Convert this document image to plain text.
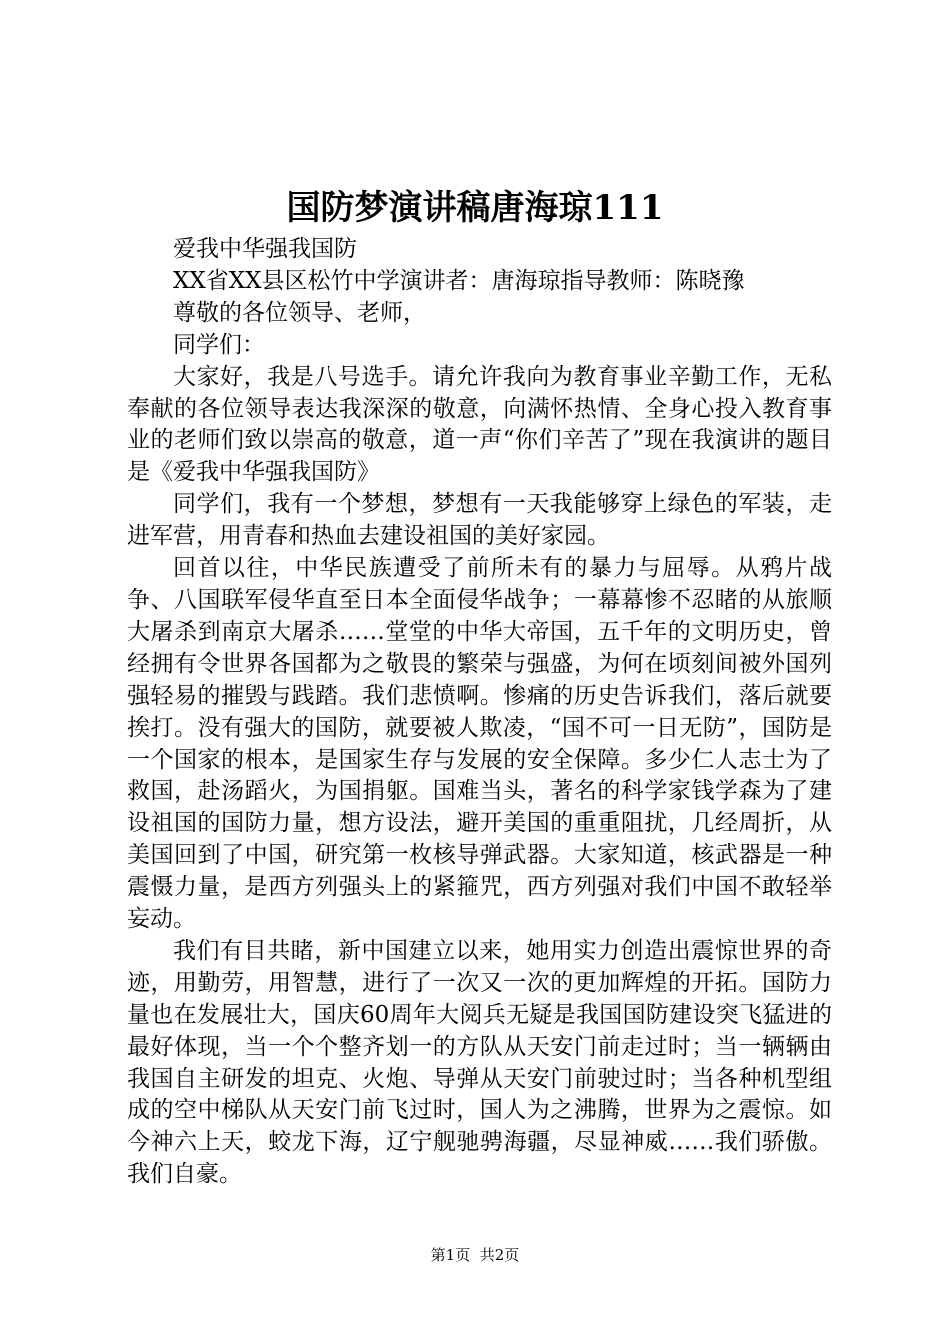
国防梦演讲稿唐海琼111

爱我中华强我国防

XX省XX县区松竹中学演讲者：唐海琼指导教师：陈晓豫

尊敬的各位领导、老师，

同学们：

大家好，我是八号选手。请允许我向为教育事业辛勤工作，无私奉献的各位领导表达我深深的敬意，向满怀热情、全身心投入教育事业的老师们致以崇高的敬意，道一声“你们辛苦了”现在我演讲的题目是《爱我中华强我国防》

同学们，我有一个梦想，梦想有一天我能够穿上绿色的军装，走进军营，用青春和热血去建设祖国的美好家园。

回首以往，中华民族遭受了前所未有的暴力与屈辱。从鸦片战争、八国联军侵华直至日本全面侵华战争；一幕幕惨不忍睹的从旅顺大屠杀到南京大屠杀……堂堂的中华大帝国，五千年的文明历史，曾经拥有令世界各国都为之敬畏的繁荣与强盛，为何在顷刻间被外国列强轻易的摧毁与践踏。我们悲愤啊。惨痛的历史告诉我们，落后就要挨打。没有强大的国防，就要被人欺凌，“国不可一日无防”，国防是一个国家的根本，是国家生存与发展的安全保障。多少仁人志士为了救国，赴汤蹈火，为国捐躯。国难当头，著名的科学家钱学森为了建设祖国的国防力量，想方设法，避开美国的重重阻扰，几经周折，从美国回到了中国，研究第一枚核导弹武器。大家知道，核武器是一种震慑力量，是西方列强头上的紧箍咒，西方列强对我们中国不敢轻举妄动。

我们有目共睹，新中国建立以来，她用实力创造出震惊世界的奇迹，用勤劳，用智慧，进行了一次又一次的更加辉煌的开拓。国防力量也在发展壮大，国庆60周年大阅兵无疑是我国国防建设突飞猛进的最好体现，当一个个整齐划一的方队从天安门前走过时；当一辆辆由我国自主研发的坦克、火炮、导弹从天安门前驶过时；当各种机型组成的空中梯队从天安门前飞过时，国人为之沸腾，世界为之震惊。如今神六上天，蛟龙下海，辽宁舰驰骋海疆，尽显神威……我们骄傲。我们自豪。

第1页 共2页
